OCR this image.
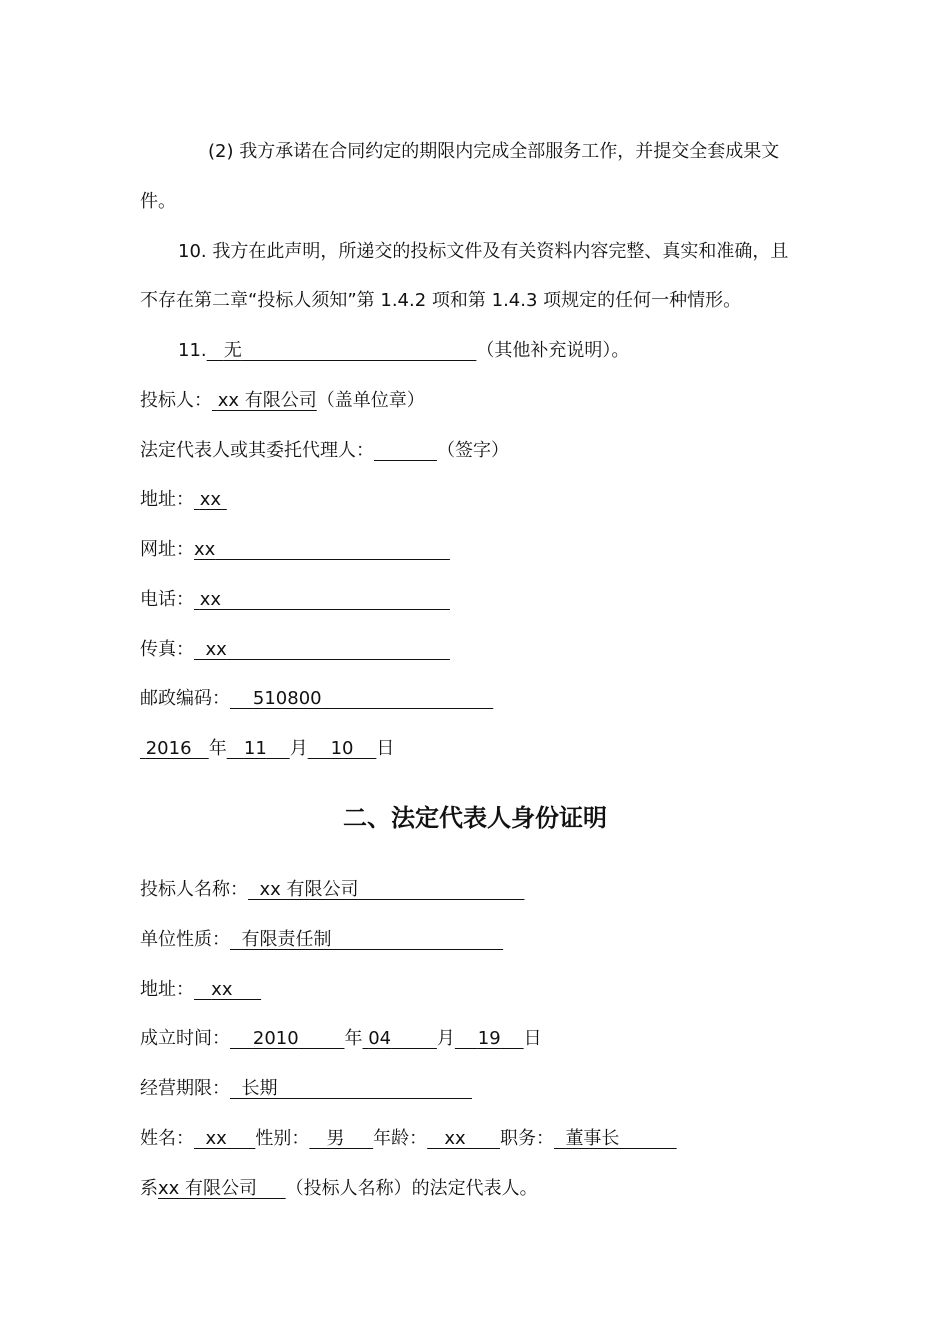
(2) 我方承诺在合同约定的期限内完成全部服务工作，并提交全套成果文
件。
10. 我方在此声明，所递交的投标文件及有关资料内容完整、真实和准确，且
不存在第二章“投标人须知”第 1.4.2 项和第 1.4.3 项规定的任何一种情形。
11. 无	（其他补充说明）。
投标人： xx 有限公司（盖单位章）
法定代表人或其委托代理人：	（签字）
地址： xx
网址：xx
电话： xx
传真： xx
邮政编码： 510800
2016 年 11 月 10 日
二、法定代表人身份证明
投标人名称： xx 有限公司
单位性质： 有限责任制
地址： xx
成立时间： 2010	年 04	月 19 日
经营期限： 长期
姓名： xx 性别： 男 年龄： xx 职务： 董事长
系xx 有限公司 （投标人名称）的法定代表人。
